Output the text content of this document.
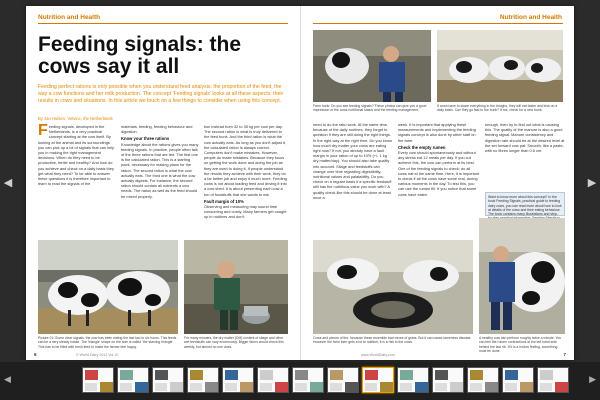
◀	▶
Nutrition and Health
Feeding signals: the cows say it all
Feeding perfect rations is only possible when you understand feed analysis, the proportion of the feed, the way a cow functions and her milk production. The concept 'Feeding signals' looks at all these aspects: their results in cows and situations. In this article we touch on a few things to consider when using this concept.
By Jan Hulsen, Vetvice, the Netherlands
F eeding signals, developed in the Netherlands, is a very practical concept starting at the cow itself. By looking at the animal and its surroundings you can pick up a lot of signals that can help you in making the right management decisions. When do they need to be productive, fertile and healthy? And how do you achieve and check on a daily basis they get what they need? To be able to answer these questions it is therefore important to learn to read the signals of the
materials, feeding, feeding behaviour and digestion.
Know your three rations
Knowledge about the rations gives you many feeding signals. In practice, people often talk of the three rations that are fed. The first one is the calculated ration. This is a starting point, necessary for making plans for the ration. The second ration is what the cow actually eats. The third one is what the cow actually digests. For instance, the second ration should contain all nutrients a cow needs. The ration as well as the feed should be mixed properly.
tion instead from 32 to 35 kg per cow per day. The second ration is what is truly delivered to the feed bunk. And the third ration is what the cow actually eats. As long as you don't adjust it, the calculated ration is always correct. Computers don't make mistakes. However, people do make mistakes. Because they focus on getting the work done and doing the job as they are used to doing it. If people understand the results they achieve with their work, they do a far better job and enjoy it much more. Feeding cows is not about loading feed and driving it into a cow shed. It is about presenting each cow a ton of foodstuffs that she wants to eat.
Fault margin of 10%
Observing and measuring may sound time consuming and costly. Many farmers get caught up in routines and don't
Picture 01: Some clear signals: the cow has been eating the last two to six hours. This feeds can be a very steady intake. The 'triangle' shape on the side is called 'the starving triangle'. This has to be filled with fresh feed to make the farmer feel happy.
For many minutes, the dry matter (DM) content of silage and other wet feedstuffs can vary enormously. Bigger farms would check this weekly, but almost no one does.
© World Dairy 2012 Vol 10
6
Nutrition and Health
Farm bunk: Do you see feeding signals? These photos can give you a good impression of the cows nutritional status and the feeding management.
If cows have to share everything in the troughs, they will eat faster and less on a daily basis. Can they go fast to the bunk? If not, check for a new bunk.
need to do the ratio work. At the same time, because of the daily routines, they forget to question if they are still doing the right things. In the right way at the right time. Do you know how much dry matter your cows are eating right now? If not, you already have a fault margin in your ration of up to 10% (+/- 1 kg dry matter/day). You should also take quality into account. Silage and feedstuffs can change over time regarding digestibility, nutritional values and palatability. Do you check on a regular basis if a specific feedstuff still has the nutritious value you work with? A quality check like this should be done at least once a
week. It is important that applying these measurements and implementing the feeding signals concept is also done by other staff on the farm.
Check the empty rumen
Every cow should spontaneously and without any stress eat 12 meals per day. If you cut achieve this, the cow can perform at its best. One of the feeding signals to check: do all cows eat at the same time. Here, it is important to check if all the cows have some real, during various moments in the day. To test this, you can use the rumen fill. If you notice that some cows have eaten
enough, then try to find out what is causing this. The quality of the manure is also a good feeding signal. Manure consistency and digestion rate should be at the desired level at the set forward cow pat. Smooth, like a paste, with no fibres longer than 0.5 cm.
Want to know more about this concept? In the book Feeding Signals, practical guide to feeding dairy cows, you can read more about how to look at details of the cows and their eating behaviour. The book contains many illustrations and step-
Cows and pieces of tire, because these resemble bad mixes of grass. But it can cause lameness disease. However the farm then gets a lot to rubbish; it is a risk to the cows.
A healthy cow can perform roughly twice a minute. You can feel the rumen contractions at the left hand side behind the last rib. If it is a hollow feeling, something must be done.
www.WorldDairy.com	7
◀	▶
